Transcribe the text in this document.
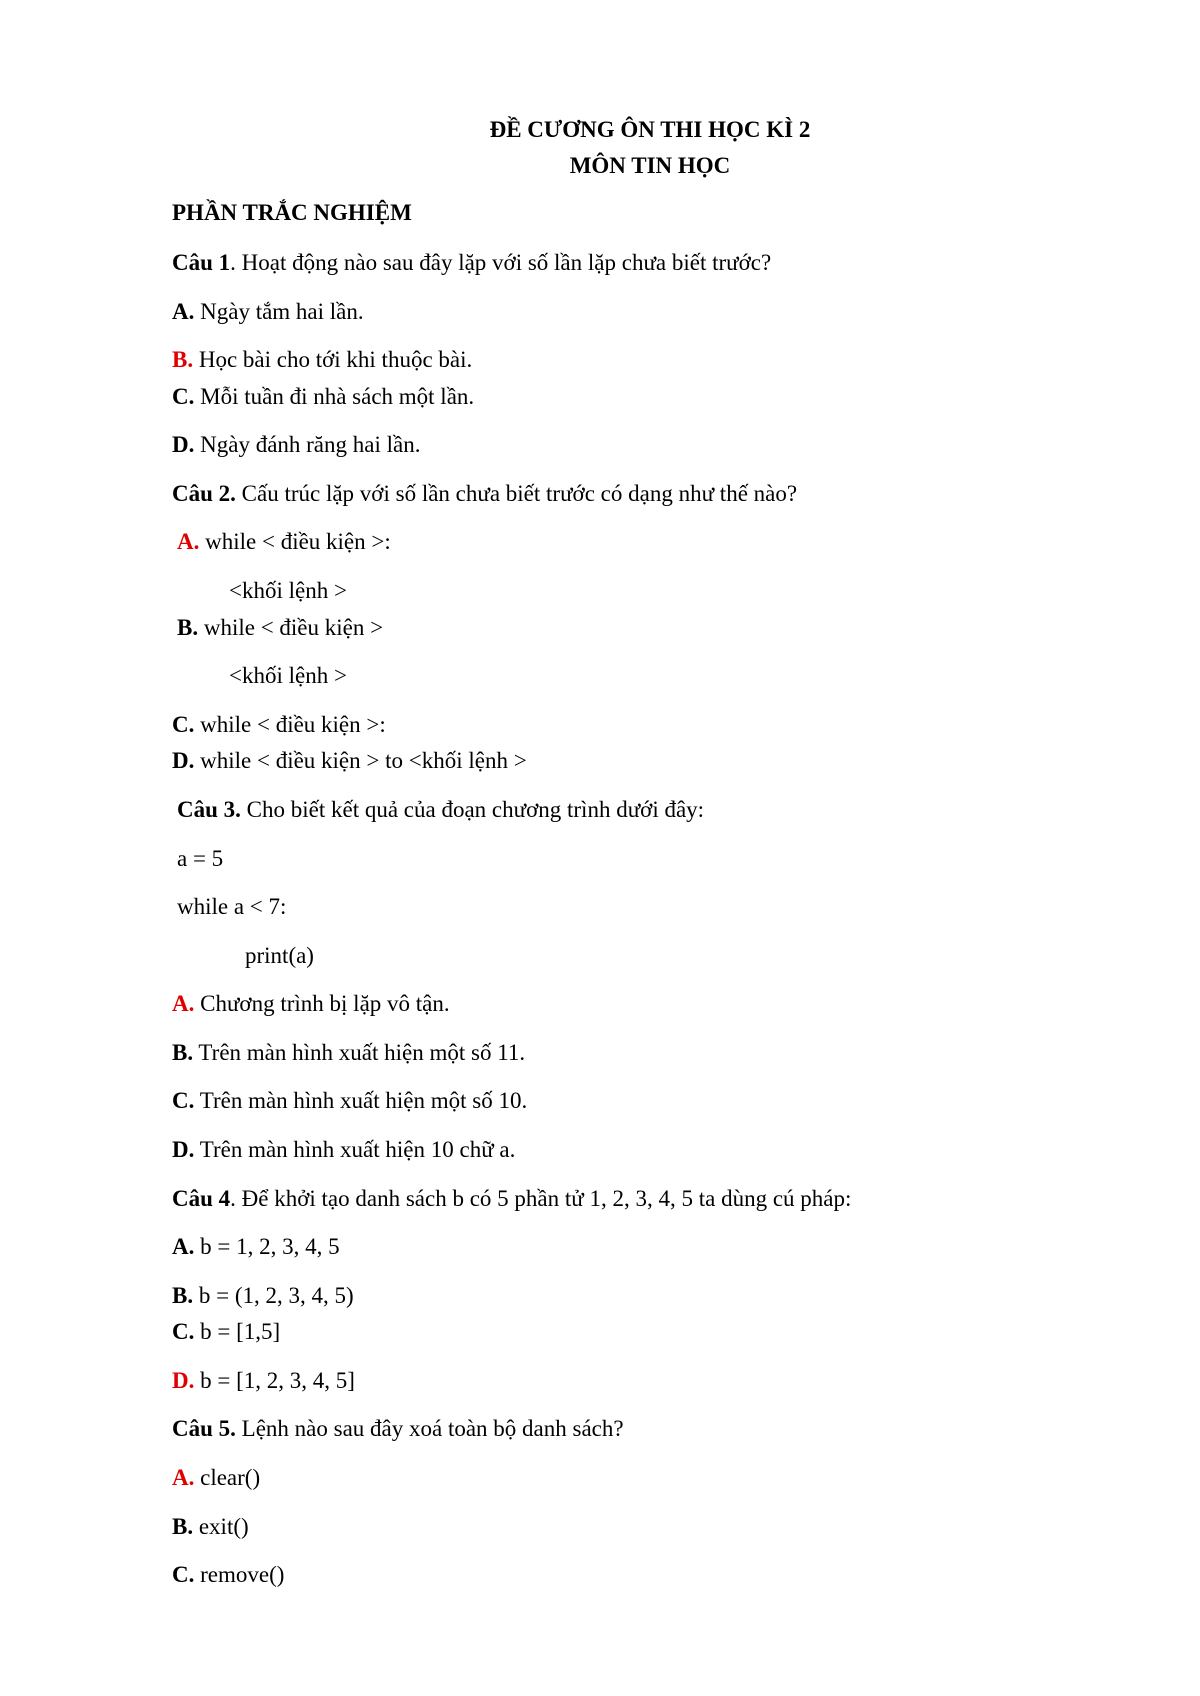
ĐỀ CƯƠNG ÔN THI HỌC KÌ 2
MÔN TIN HỌC
PHẦN TRẮC NGHIỆM
Câu 1. Hoạt động nào sau đây lặp với số lần lặp chưa biết trước?
A. Ngày tắm hai lần.
B. Học bài cho tới khi thuộc bài.
C. Mỗi tuần đi nhà sách một lần.
D. Ngày đánh răng hai lần.
Câu 2. Cấu trúc lặp với số lần chưa biết trước có dạng như thế nào?
A. while < điều kiện >:
<khối lệnh >
B. while < điều kiện >
<khối lệnh >
C. while < điều kiện >:
D. while < điều kiện > to <khối lệnh >
Câu 3. Cho biết kết quả của đoạn chương trình dưới đây:
a = 5
while a < 7:
print(a)
A. Chương trình bị lặp vô tận.
B. Trên màn hình xuất hiện một số 11.
C. Trên màn hình xuất hiện một số 10.
D. Trên màn hình xuất hiện 10 chữ a.
Câu 4. Để khởi tạo danh sách b có 5 phần tử 1, 2, 3, 4, 5 ta dùng cú pháp:
A. b = 1, 2, 3, 4, 5
B. b = (1, 2, 3, 4, 5)
C. b = [1,5]
D. b = [1, 2, 3, 4, 5]
Câu 5. Lệnh nào sau đây xoá toàn bộ danh sách?
A. clear()
B. exit()
C. remove()
